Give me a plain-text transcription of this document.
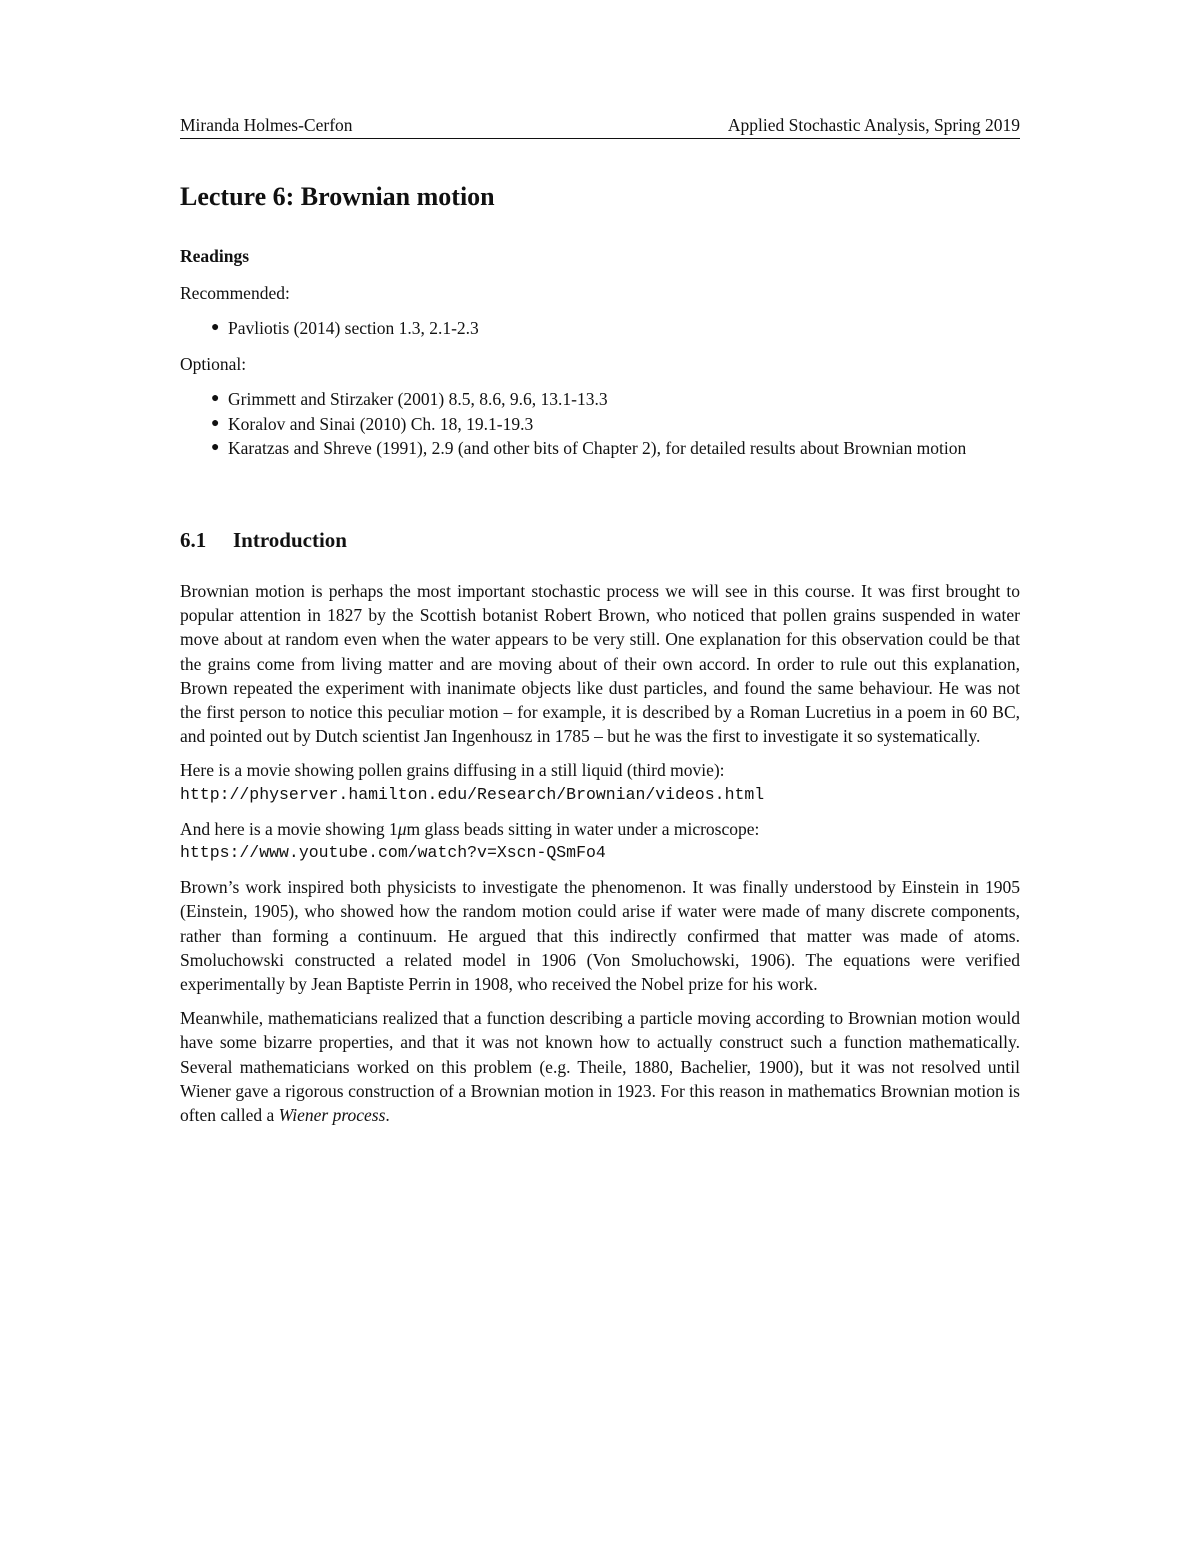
Miranda Holmes-Cerfon	Applied Stochastic Analysis, Spring 2019
Lecture 6: Brownian motion
Readings

Recommended:

● Pavliotis (2014) section 1.3, 2.1-2.3

Optional:

● Grimmett and Stirzaker (2001) 8.5, 8.6, 9.6, 13.1-13.3
● Koralov and Sinai (2010) Ch. 18, 19.1-19.3
● Karatzas and Shreve (1991), 2.9 (and other bits of Chapter 2), for detailed results about Brownian motion
6.1 Introduction

Brownian motion is perhaps the most important stochastic process we will see in this course. It was first brought to popular attention in 1827 by the Scottish botanist Robert Brown, who noticed that pollen grains suspended in water move about at random even when the water appears to be very still. One explanation for this observation could be that the grains come from living matter and are moving about of their own accord. In order to rule out this explanation, Brown repeated the experiment with inanimate objects like dust particles, and found the same behaviour. He was not the first person to notice this peculiar motion – for example, it is described by a Roman Lucretius in a poem in 60 BC, and pointed out by Dutch scientist Jan Ingenhousz in 1785 – but he was the first to investigate it so systematically.

Here is a movie showing pollen grains diffusing in a still liquid (third movie):
http://physerver.hamilton.edu/Research/Brownian/videos.html

And here is a movie showing 1μm glass beads sitting in water under a microscope:
https://www.youtube.com/watch?v=Xscn-QSmFo4

Brown’s work inspired both physicists to investigate the phenomenon. It was finally understood by Einstein in 1905 (Einstein, 1905), who showed how the random motion could arise if water were made of many discrete components, rather than forming a continuum. He argued that this indirectly confirmed that matter was made of atoms. Smoluchowski constructed a related model in 1906 (Von Smoluchowski, 1906). The equations were verified experimentally by Jean Baptiste Perrin in 1908, who received the Nobel prize for his work.

Meanwhile, mathematicians realized that a function describing a particle moving according to Brownian motion would have some bizarre properties, and that it was not known how to actually construct such a function mathematically. Several mathematicians worked on this problem (e.g. Theile, 1880, Bachelier, 1900), but it was not resolved until Wiener gave a rigorous construction of a Brownian motion in 1923. For this reason in mathematics Brownian motion is often called a Wiener process.
